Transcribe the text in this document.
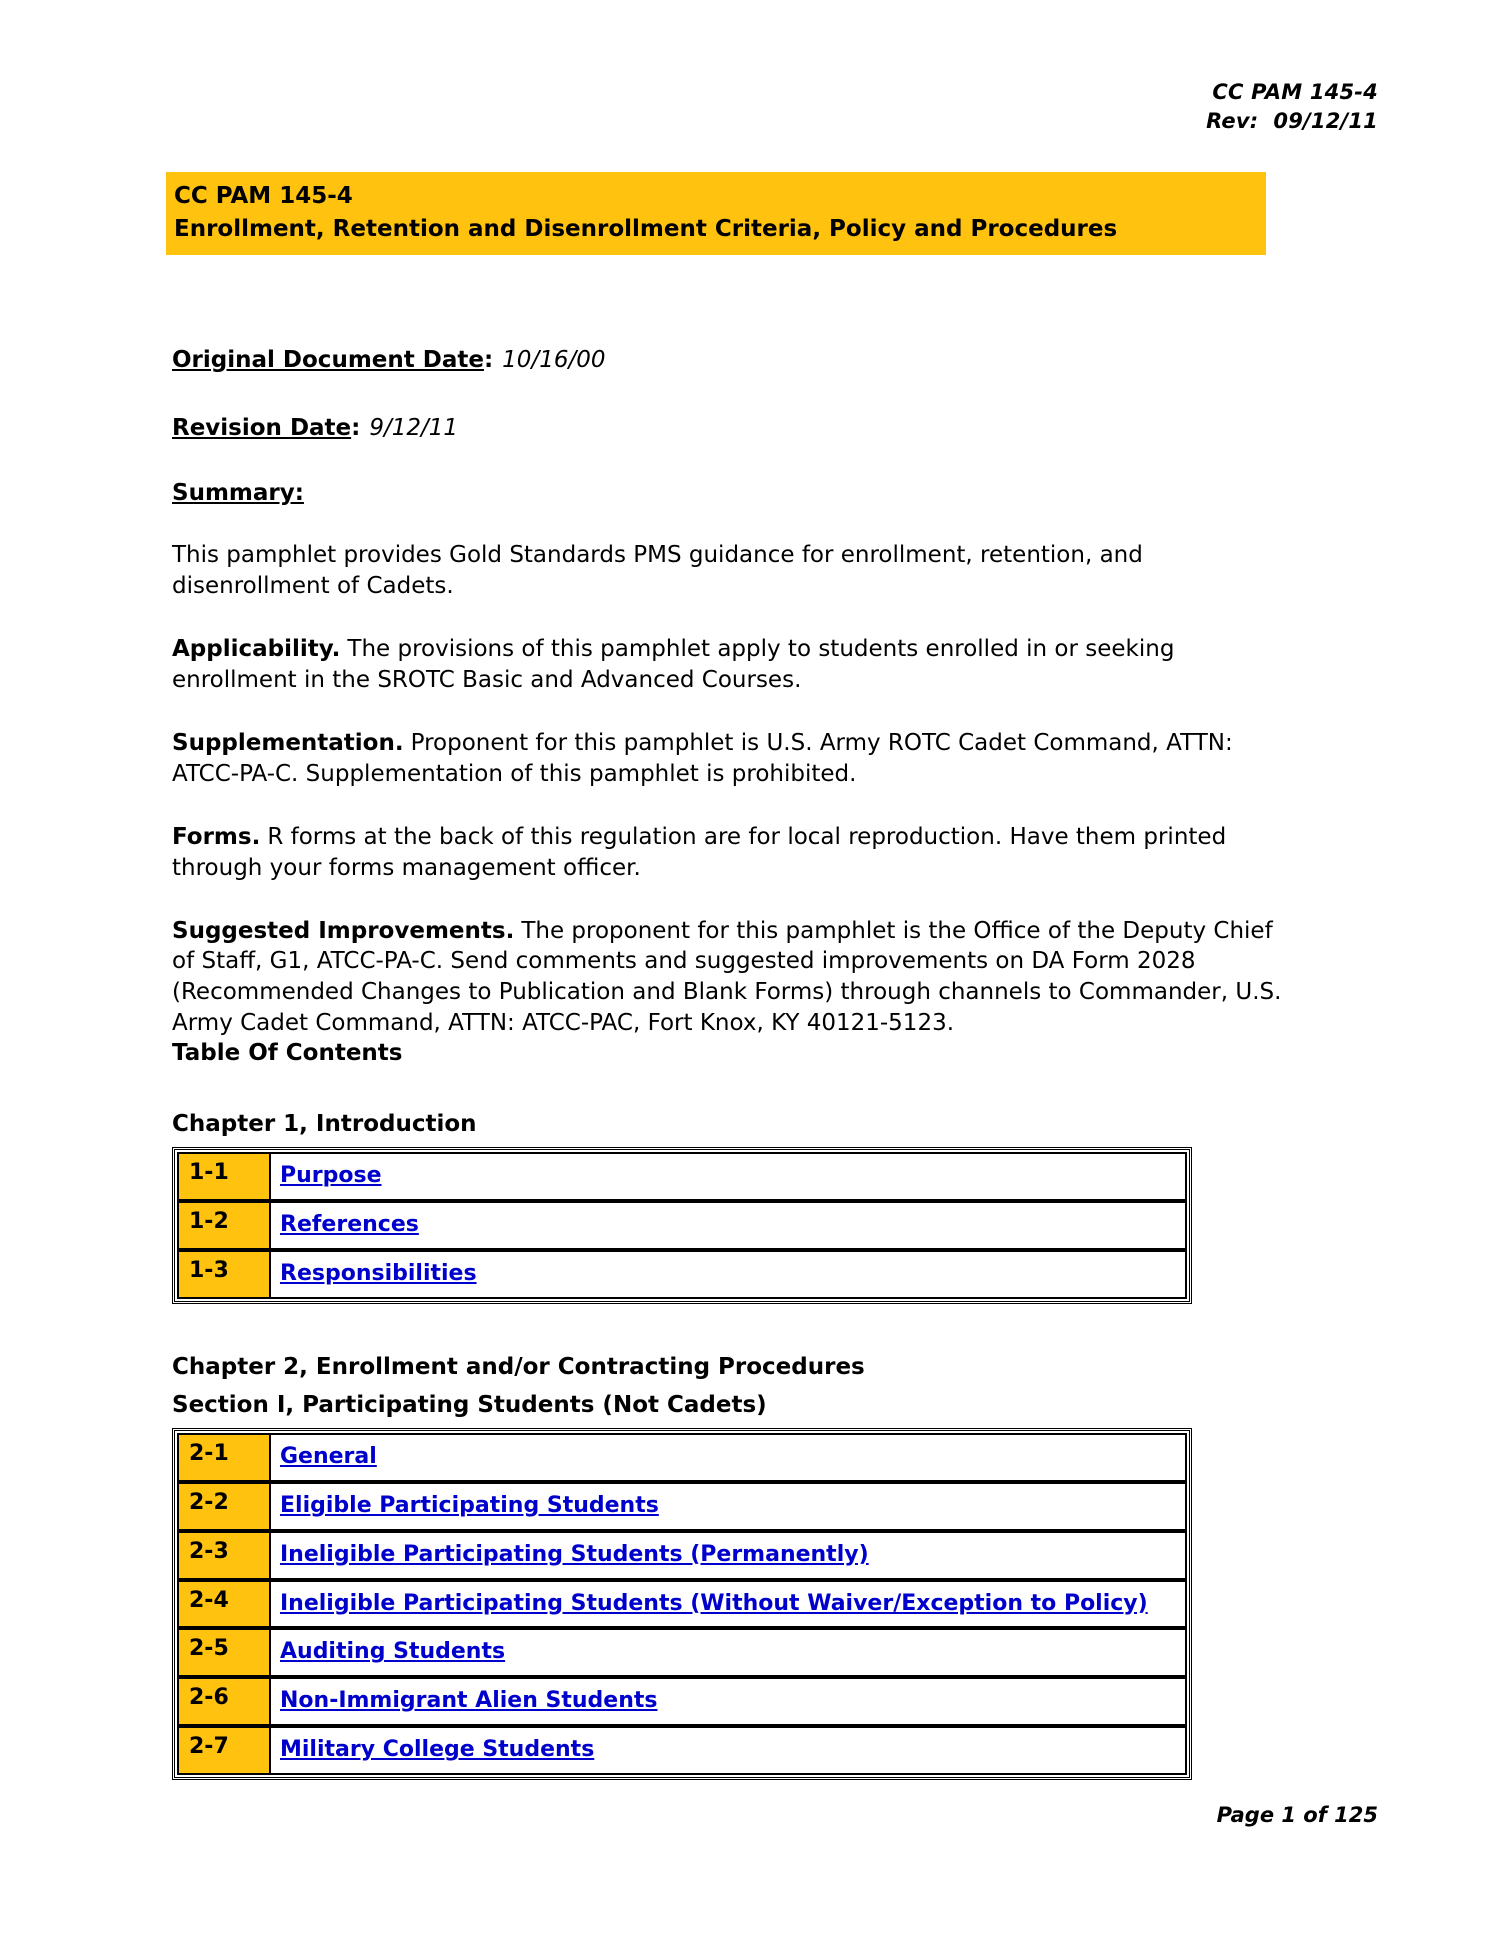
CC PAM 145-4
Rev:  09/12/11
CC PAM 145-4
Enrollment, Retention and Disenrollment Criteria, Policy and Procedures
Original Document Date: 10/16/00
Revision Date: 9/12/11
Summary:

This pamphlet provides Gold Standards PMS guidance for enrollment, retention, and disenrollment of Cadets.

Applicability. The provisions of this pamphlet apply to students enrolled in or seeking enrollment in the SROTC Basic and Advanced Courses.

Supplementation. Proponent for this pamphlet is U.S. Army ROTC Cadet Command, ATTN: ATCC-PA-C. Supplementation of this pamphlet is prohibited.

Forms. R forms at the back of this regulation are for local reproduction. Have them printed through your forms management officer.

Suggested Improvements. The proponent for this pamphlet is the Office of the Deputy Chief of Staff, G1, ATCC-PA-C. Send comments and suggested improvements on DA Form 2028 (Recommended Changes to Publication and Blank Forms) through channels to Commander, U.S. Army Cadet Command, ATTN: ATCC-PAC, Fort Knox, KY 40121-5123.

Table Of Contents
Chapter 1, Introduction
1-1	Purpose
1-2	References
1-3	Responsibilities
Chapter 2, Enrollment and/or Contracting Procedures
Section I, Participating Students (Not Cadets)
2-1	General
2-2	Eligible Participating Students
2-3	Ineligible Participating Students (Permanently)
2-4	Ineligible Participating Students (Without Waiver/Exception to Policy)
2-5	Auditing Students
2-6	Non-Immigrant Alien Students
2-7	Military College Students
Page 1 of 125
